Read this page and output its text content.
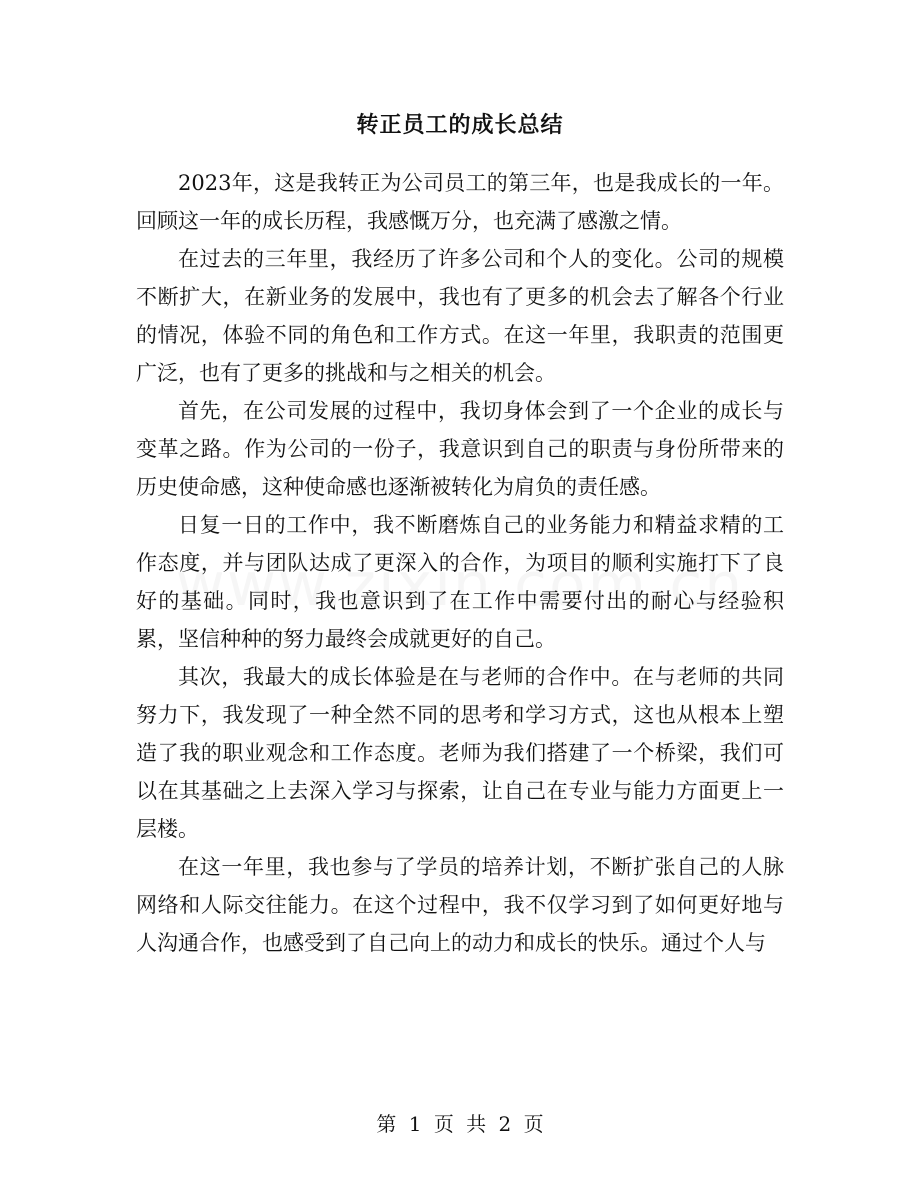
转正员工的成长总结

2023年，这是我转正为公司员工的第三年，也是我成长的一年。回顾这一年的成长历程，我感慨万分，也充满了感激之情。

在过去的三年里，我经历了许多公司和个人的变化。公司的规模不断扩大，在新业务的发展中，我也有了更多的机会去了解各个行业的情况，体验不同的角色和工作方式。在这一年里，我职责的范围更广泛，也有了更多的挑战和与之相关的机会。

首先，在公司发展的过程中，我切身体会到了一个企业的成长与变革之路。作为公司的一份子，我意识到自己的职责与身份所带来的历史使命感，这种使命感也逐渐被转化为肩负的责任感。

日复一日的工作中，我不断磨炼自己的业务能力和精益求精的工作态度，并与团队达成了更深入的合作，为项目的顺利实施打下了良好的基础。同时，我也意识到了在工作中需要付出的耐心与经验积累，坚信种种的努力最终会成就更好的自己。

其次，我最大的成长体验是在与老师的合作中。在与老师的共同努力下，我发现了一种全然不同的思考和学习方式，这也从根本上塑造了我的职业观念和工作态度。老师为我们搭建了一个桥梁，我们可以在其基础之上去深入学习与探索，让自己在专业与能力方面更上一层楼。

在这一年里，我也参与了学员的培养计划，不断扩张自己的人脉网络和人际交往能力。在这个过程中，我不仅学习到了如何更好地与人沟通合作，也感受到了自己向上的动力和成长的快乐。通过个人与

第 1 页 共 2 页
